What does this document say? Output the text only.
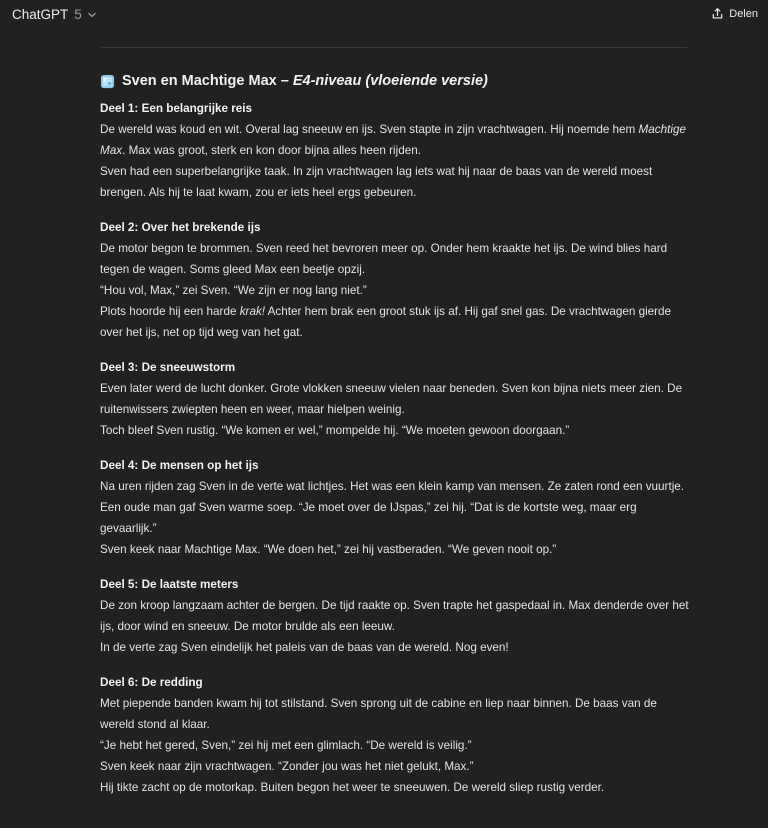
ChatGPT 5	Delen
Sven en Machtige Max – E4-niveau (vloeiende versie)
Deel 1: Een belangrijke reis

De wereld was koud en wit. Overal lag sneeuw en ijs. Sven stapte in zijn vrachtwagen. Hij noemde hem Machtige Max. Max was groot, sterk en kon door bijna alles heen rijden.

Sven had een superbelangrijke taak. In zijn vrachtwagen lag iets wat hij naar de baas van de wereld moest brengen. Als hij te laat kwam, zou er iets heel ergs gebeuren.

Deel 2: Over het brekende ijs

De motor begon te brommen. Sven reed het bevroren meer op. Onder hem kraakte het ijs. De wind blies hard tegen de wagen. Soms gleed Max een beetje opzij.

“Hou vol, Max,” zei Sven. “We zijn er nog lang niet.”

Plots hoorde hij een harde krak! Achter hem brak een groot stuk ijs af. Hij gaf snel gas. De vrachtwagen gierde over het ijs, net op tijd weg van het gat.

Deel 3: De sneeuwstorm

Even later werd de lucht donker. Grote vlokken sneeuw vielen naar beneden. Sven kon bijna niets meer zien. De ruitenwissers zwiepten heen en weer, maar hielpen weinig.

Toch bleef Sven rustig. “We komen er wel,” mompelde hij. “We moeten gewoon doorgaan.”

Deel 4: De mensen op het ijs

Na uren rijden zag Sven in de verte wat lichtjes. Het was een klein kamp van mensen. Ze zaten rond een vuurtje.

Een oude man gaf Sven warme soep. “Je moet over de IJspas,” zei hij. “Dat is de kortste weg, maar erg gevaarlijk.”

Sven keek naar Machtige Max. “We doen het,” zei hij vastberaden. “We geven nooit op.”

Deel 5: De laatste meters

De zon kroop langzaam achter de bergen. De tijd raakte op. Sven trapte het gaspedaal in. Max denderde over het ijs, door wind en sneeuw. De motor brulde als een leeuw.

In de verte zag Sven eindelijk het paleis van de baas van de wereld. Nog even!

Deel 6: De redding

Met piepende banden kwam hij tot stilstand. Sven sprong uit de cabine en liep naar binnen. De baas van de wereld stond al klaar.

“Je hebt het gered, Sven,” zei hij met een glimlach. “De wereld is veilig.”

Sven keek naar zijn vrachtwagen. “Zonder jou was het niet gelukt, Max.”

Hij tikte zacht op de motorkap. Buiten begon het weer te sneeuwen. De wereld sliep rustig verder.
